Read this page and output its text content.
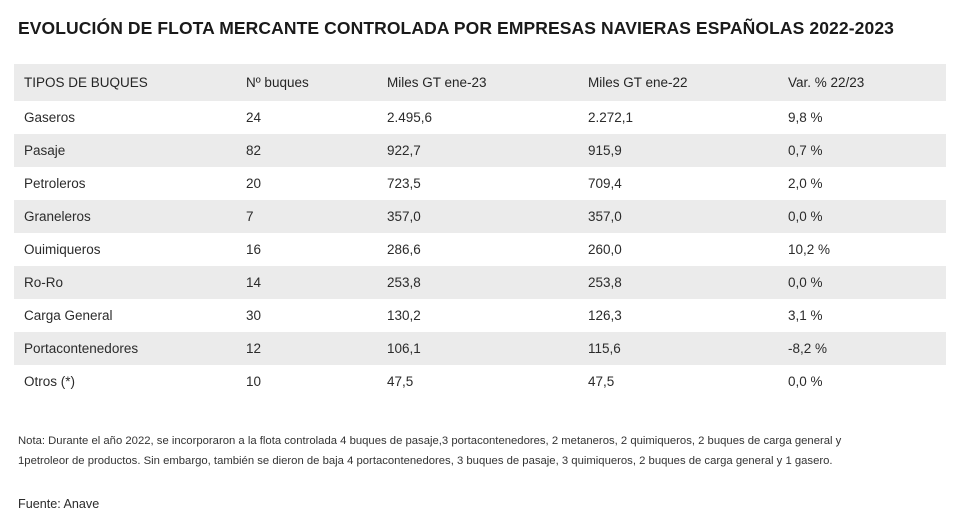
EVOLUCIÓN DE FLOTA MERCANTE CONTROLADA POR EMPRESAS NAVIERAS ESPAÑOLAS 2022-2023
TIPOS DE BUQUES	Nº buques	Miles GT ene-23	Miles GT ene-22	Var. % 22/23
Gaseros	24	2.495,6	2.272,1	9,8 %
Pasaje	82	922,7	915,9	0,7 %
Petroleros	20	723,5	709,4	2,0 %
Graneleros	7	357,0	357,0	0,0 %
Ouimiqueros	16	286,6	260,0	10,2 %
Ro-Ro	14	253,8	253,8	0,0 %
Carga General	30	130,2	126,3	3,1 %
Portacontenedores	12	106,1	115,6	-8,2 %
Otros (*)	10	47,5	47,5	0,0 %
Nota: Durante el año 2022, se incorporaron a la flota controlada 4 buques de pasaje,3 portacontenedores, 2 metaneros, 2 quimiqueros, 2 buques de carga general y
1petroleor de productos. Sin embargo, también se dieron de baja 4 portacontenedores, 3 buques de pasaje, 3 quimiqueros, 2 buques de carga general y 1 gasero.
Fuente: Anave
